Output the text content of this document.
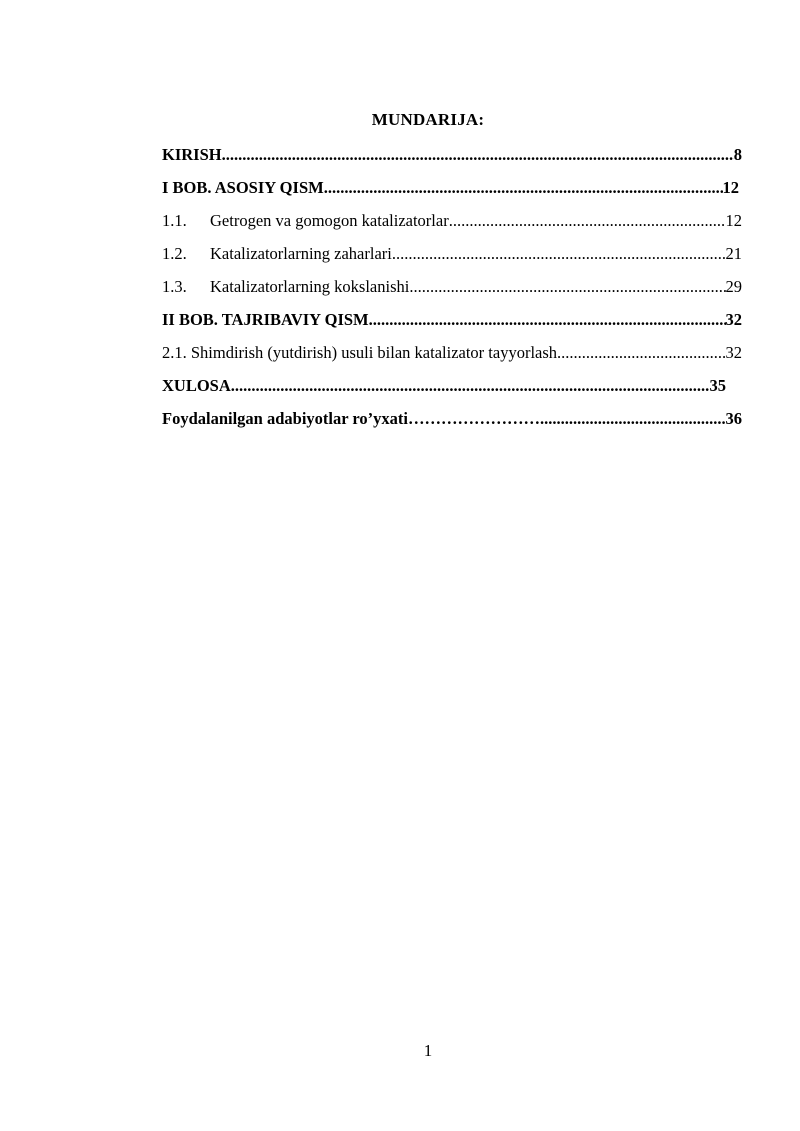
MUNDARIJA:
KIRISH .....	8
I BOB. ASOSIY QISM .....	12
1.1.	Getrogen va gomogon katalizatorlar .....	12
1.2.	Katalizatorlarning zaharlari .....	21
1.3.	Katalizatorlarning kokslanishi .....	29
II BOB. TAJRIBAVIY QISM .....	32
2.1. Shimdirish (yutdirish) usuli bilan katalizator tayyorlash .....	32
XULOSA .....	35
Foydalanilgan adabiyotlar ro’yxati……………………. .....	36
1
